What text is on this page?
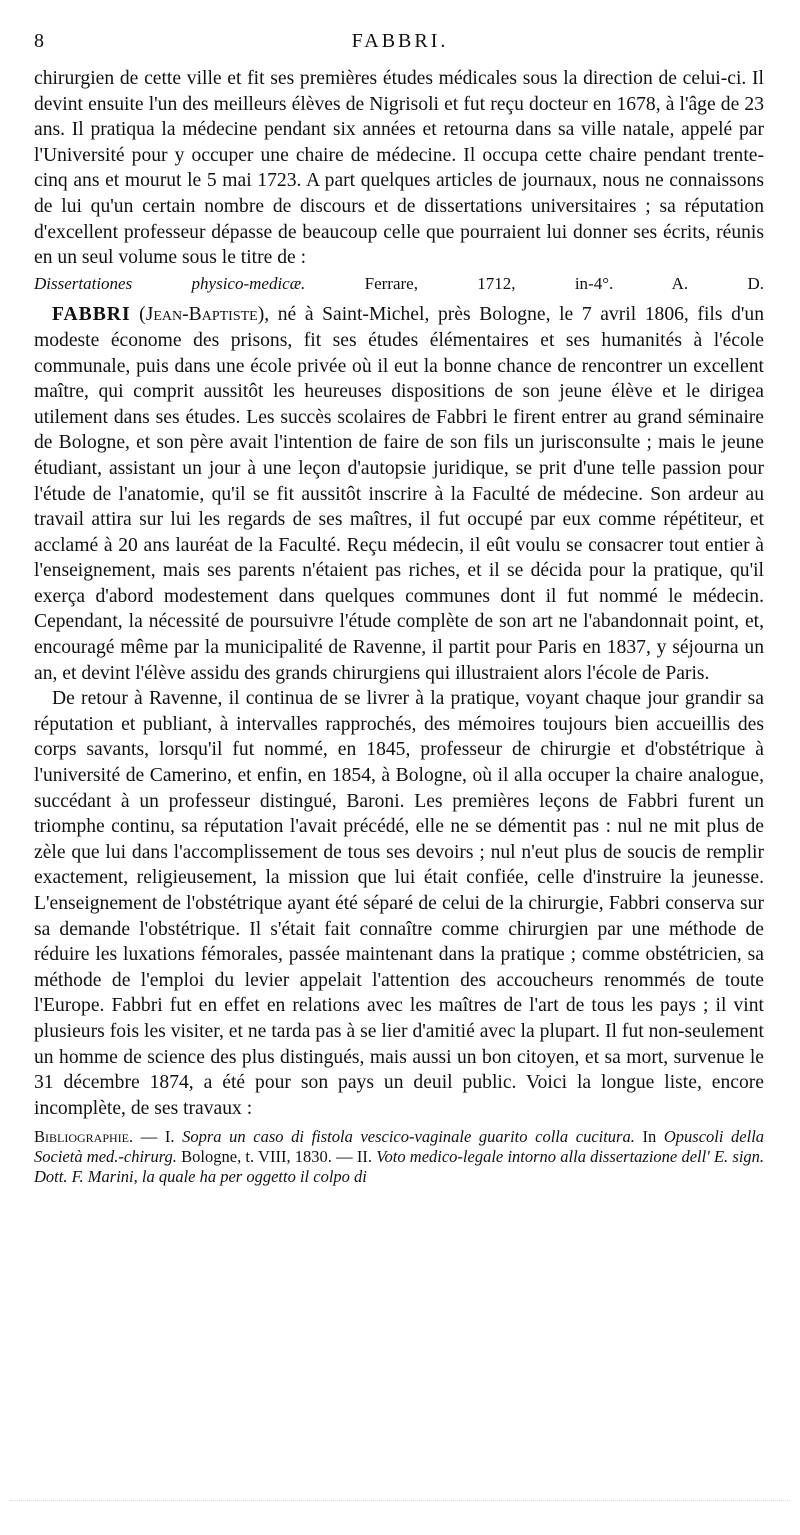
8	FABBRI.

chirurgien de cette ville et fit ses premières études médicales sous la direction de celui-ci. Il devint ensuite l'un des meilleurs élèves de Nigrisoli et fut reçu docteur en 1678, à l'âge de 23 ans. Il pratiqua la médecine pendant six années et retourna dans sa ville natale, appelé par l'Université pour y occuper une chaire de médecine. Il occupa cette chaire pendant trente-cinq ans et mourut le 5 mai 1723. A part quelques articles de journaux, nous ne connaissons de lui qu'un certain nombre de discours et de dissertations universitaires ; sa réputation d'excellent professeur dépasse de beaucoup celle que pourraient lui donner ses écrits, réunis en un seul volume sous le titre de :

Dissertationes physico-medicæ.	Ferrare, 1712, in-4°.	A. D.

FABBRI (Jean-Baptiste), né à Saint-Michel, près Bologne, le 7 avril 1806, fils d'un modeste économe des prisons, fit ses études élémentaires et ses humanités à l'école communale, puis dans une école privée où il eut la bonne chance de rencontrer un excellent maître, qui comprit aussitôt les heureuses dispositions de son jeune élève et le dirigea utilement dans ses études. Les succès scolaires de Fabbri le firent entrer au grand séminaire de Bologne, et son père avait l'intention de faire de son fils un jurisconsulte ; mais le jeune étudiant, assistant un jour à une leçon d'autopsie juridique, se prit d'une telle passion pour l'étude de l'anatomie, qu'il se fit aussitôt inscrire à la Faculté de médecine. Son ardeur au travail attira sur lui les regards de ses maîtres, il fut occupé par eux comme répétiteur, et acclamé à 20 ans lauréat de la Faculté. Reçu médecin, il eût voulu se consacrer tout entier à l'enseignement, mais ses parents n'étaient pas riches, et il se décida pour la pratique, qu'il exerça d'abord modestement dans quelques communes dont il fut nommé le médecin. Cependant, la nécessité de poursuivre l'étude complète de son art ne l'abandonnait point, et, encouragé même par la municipalité de Ravenne, il partit pour Paris en 1837, y séjourna un an, et devint l'élève assidu des grands chirurgiens qui illustraient alors l'école de Paris.

De retour à Ravenne, il continua de se livrer à la pratique, voyant chaque jour grandir sa réputation et publiant, à intervalles rapprochés, des mémoires toujours bien accueillis des corps savants, lorsqu'il fut nommé, en 1845, professeur de chirurgie et d'obstétrique à l'université de Camerino, et enfin, en 1854, à Bologne, où il alla occuper la chaire analogue, succédant à un professeur distingué, Baroni. Les premières leçons de Fabbri furent un triomphe continu, sa réputation l'avait précédé, elle ne se démentit pas : nul ne mit plus de zèle que lui dans l'accomplissement de tous ses devoirs ; nul n'eut plus de soucis de remplir exactement, religieusement, la mission que lui était confiée, celle d'instruire la jeunesse. L'enseignement de l'obstétrique ayant été séparé de celui de la chirurgie, Fabbri conserva sur sa demande l'obstétrique. Il s'était fait connaître comme chirurgien par une méthode de réduire les luxations fémorales, passée maintenant dans la pratique ; comme obstétricien, sa méthode de l'emploi du levier appelait l'attention des accoucheurs renommés de toute l'Europe. Fabbri fut en effet en relations avec les maîtres de l'art de tous les pays ; il vint plusieurs fois les visiter, et ne tarda pas à se lier d'amitié avec la plupart. Il fut non-seulement un homme de science des plus distingués, mais aussi un bon citoyen, et sa mort, survenue le 31 décembre 1874, a été pour son pays un deuil public. Voici la longue liste, encore incomplète, de ses travaux :

Bibliographie. — I. Sopra un caso di fistola vescico-vaginale guarito colla cucitura. In Opuscoli della Società med.-chirurg. Bologne, t. VIII, 1830. — II. Voto medico-legale intorno alla dissertazione dell' E. sign. Dott. F. Marini, la quale ha per oggetto il colpo di
